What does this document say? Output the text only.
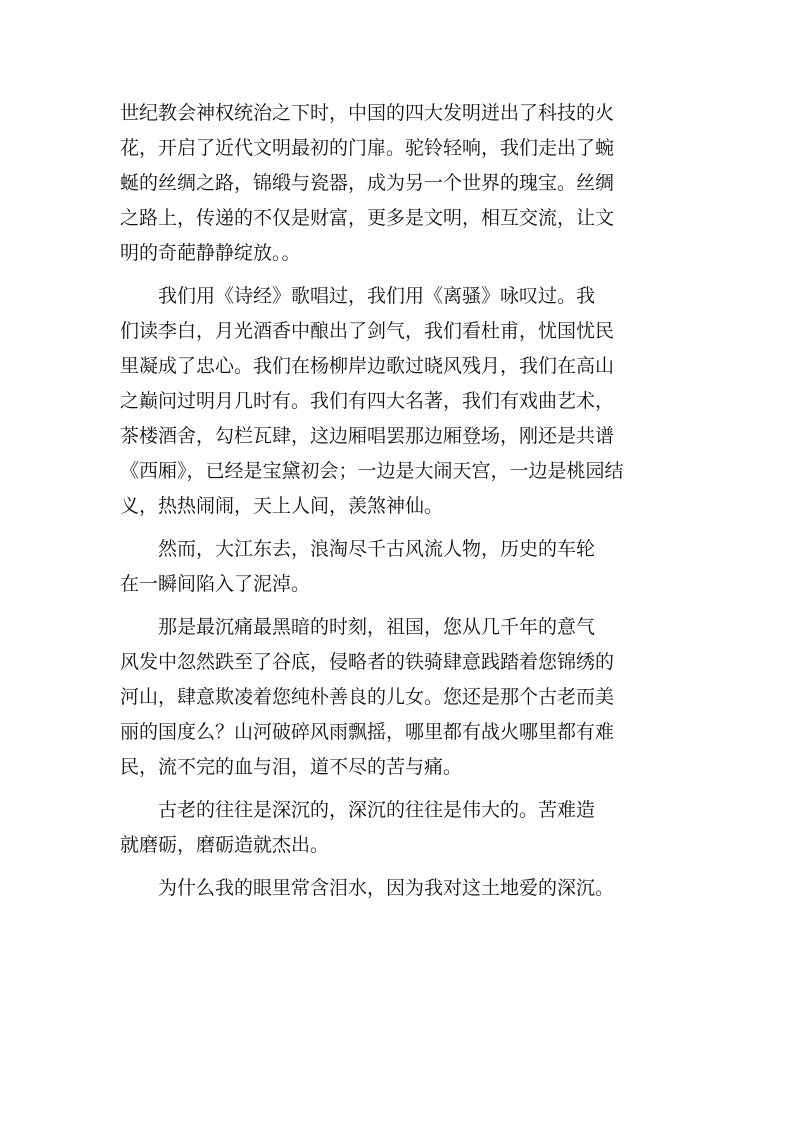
世纪教会神权统治之下时，中国的四大发明迸出了科技的火
花，开启了近代文明最初的门扉。驼铃轻响，我们走出了蜿
蜒的丝绸之路，锦缎与瓷器，成为另一个世界的瑰宝。丝绸
之路上，传递的不仅是财富，更多是文明，相互交流，让文
明的奇葩静静绽放。。
我们用《诗经》歌唱过，我们用《离骚》咏叹过。我
们读李白，月光酒香中酿出了剑气，我们看杜甫，忧国忧民
里凝成了忠心。我们在杨柳岸边歌过晓风残月，我们在高山
之巅问过明月几时有。我们有四大名著，我们有戏曲艺术，
茶楼酒舍，勾栏瓦肆，这边厢唱罢那边厢登场，刚还是共谱
《西厢》，已经是宝黛初会；一边是大闹天宫，一边是桃园结
义，热热闹闹，天上人间，羡煞神仙。
然而，大江东去，浪淘尽千古风流人物，历史的车轮
在一瞬间陷入了泥淖。
那是最沉痛最黑暗的时刻，祖国，您从几千年的意气
风发中忽然跌至了谷底，侵略者的铁骑肆意践踏着您锦绣的
河山，肆意欺凌着您纯朴善良的儿女。您还是那个古老而美
丽的国度么？山河破碎风雨飘摇，哪里都有战火哪里都有难
民，流不完的血与泪，道不尽的苦与痛。
古老的往往是深沉的，深沉的往往是伟大的。苦难造
就磨砺，磨砺造就杰出。
为什么我的眼里常含泪水，因为我对这土地爱的深沉。
